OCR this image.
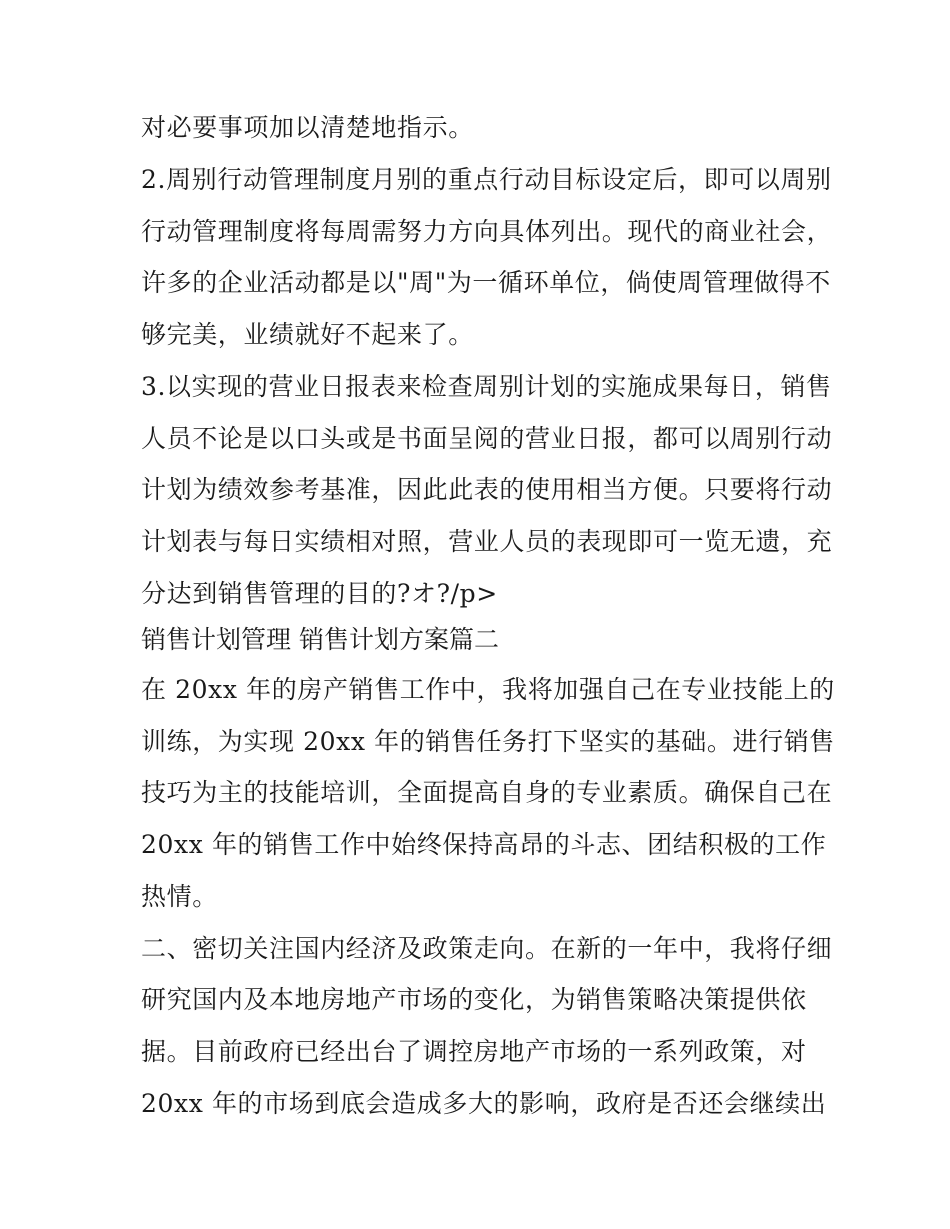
对必要事项加以清楚地指示。
2.周别行动管理制度月别的重点行动目标设定后，即可以周别
行动管理制度将每周需努力方向具体列出。现代的商业社会，
许多的企业活动都是以"周"为一循环单位，倘使周管理做得不
够完美，业绩就好不起来了。
3.以实现的营业日报表来检查周别计划的实施成果每日，销售
人员不论是以口头或是书面呈阅的营业日报，都可以周别行动
计划为绩效参考基准，因此此表的使用相当方便。只要将行动
计划表与每日实绩相对照，营业人员的表现即可一览无遗，充
分达到销售管理的目的?オ?/p>
销售计划管理 销售计划方案篇二
在 20xx 年的房产销售工作中，我将加强自己在专业技能上的
训练，为实现 20xx 年的销售任务打下坚实的基础。进行销售
技巧为主的技能培训，全面提高自身的专业素质。确保自己在
20xx 年的销售工作中始终保持高昂的斗志、团结积极的工作
热情。
二、密切关注国内经济及政策走向。在新的一年中，我将仔细
研究国内及本地房地产市场的变化，为销售策略决策提供依
据。目前政府已经出台了调控房地产市场的一系列政策，对
20xx 年的市场到底会造成多大的影响，政府是否还会继续出
